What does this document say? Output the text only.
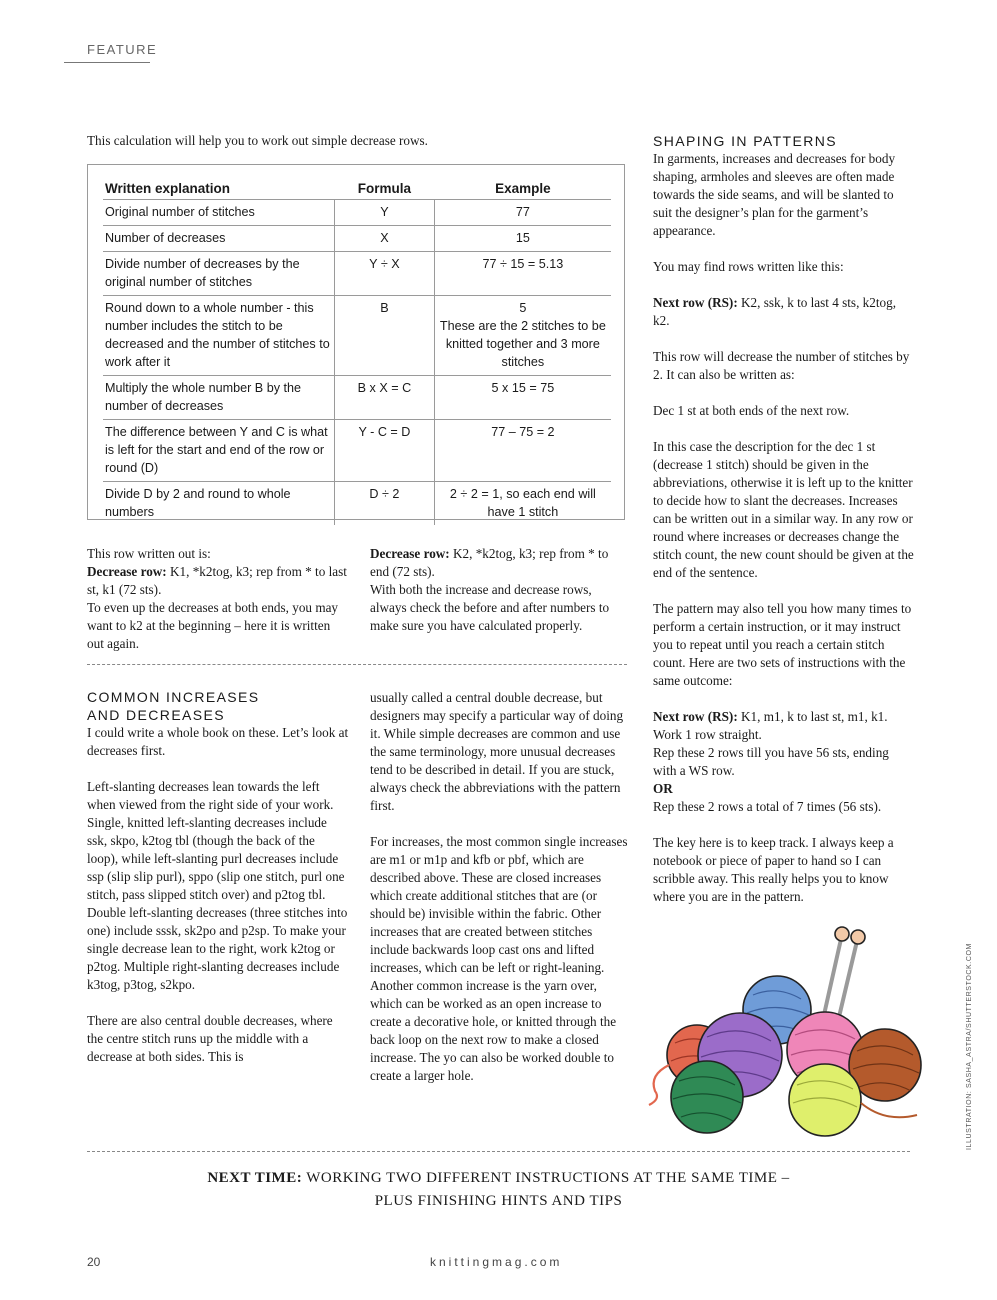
FEATURE
This calculation will help you to work out simple decrease rows.
Written explanation	Formula	Example
Original number of stitches	Y	77
Number of decreases	X	15
Divide number of decreases by the original number of stitches	Y ÷ X	77 ÷ 15 = 5.13
Round down to a whole number - this number includes the stitch to be decreased and the number of stitches to work after it	B	5
These are the 2 stitches to be knitted together and 3 more stitches

Multiply the whole number B by the number of decreases	B x X = C	5 x 15 = 75
The difference between Y and C is what is left for the start and end of the row or round (D)	Y - C = D	77 – 75 = 2
Divide D by 2 and round to whole numbers	D ÷ 2	2 ÷ 2 = 1, so each end will have 1 stitch

This row written out is:

Decrease row: K1, *k2tog, k3; rep from * to last st, k1 (72 sts).

To even up the decreases at both ends, you may want to k2 at the beginning – here it is written out again.

Decrease row: K2, *k2tog, k3; rep from * to end (72 sts).

With both the increase and decrease rows, always check the before and after numbers to make sure you have calculated properly.

COMMON INCREASES
AND DECREASES

I could write a whole book on these. Let’s look at decreases first.

Left-slanting decreases lean towards the left when viewed from the right side of your work. Single, knitted left-slanting decreases include ssk, skpo, k2tog tbl (though the back of the loop), while left-slanting purl decreases include ssp (slip slip purl), sppo (slip one stitch, purl one stitch, pass slipped stitch over) and p2tog tbl. Double left-slanting decreases (three stitches into one) include sssk, sk2po and p2sp. To make your single decrease lean to the right, work k2tog or p2tog. Multiple right-slanting decreases include k3tog, p3tog, s2kpo.

There are also central double decreases, where the centre stitch runs up the middle with a decrease at both sides. This is

usually called a central double decrease, but designers may specify a particular way of doing it. While simple decreases are common and use the same terminology, more unusual decreases tend to be described in detail. If you are stuck, always check the abbreviations with the pattern first.

For increases, the most common single increases are m1 or m1p and kfb or pbf, which are described above. These are closed increases which create additional stitches that are (or should be) invisible within the fabric. Other increases that are created between stitches include backwards loop cast ons and lifted increases, which can be left or right-leaning. Another common increase is the yarn over, which can be worked as an open increase to create a decorative hole, or knitted through the back loop on the next row to make a closed increase. The yo can also be worked double to create a larger hole.

SHAPING IN PATTERNS

In garments, increases and decreases for body shaping, armholes and sleeves are often made towards the side seams, and will be slanted to suit the designer’s plan for the garment’s appearance.

You may find rows written like this:

Next row (RS): K2, ssk, k to last 4 sts, k2tog, k2.

This row will decrease the number of stitches by 2. It can also be written as:

Dec 1 st at both ends of the next row.

In this case the description for the dec 1 st (decrease 1 stitch) should be given in the abbreviations, otherwise it is left up to the knitter to decide how to slant the decreases. Increases can be written out in a similar way. In any row or round where increases or decreases change the stitch count, the new count should be given at the end of the sentence.

The pattern may also tell you how many times to perform a certain instruction, or it may instruct you to repeat until you reach a certain stitch count. Here are two sets of instructions with the same outcome:

Next row (RS): K1, m1, k to last st, m1, k1.

Work 1 row straight.

Rep these 2 rows till you have 56 sts, ending with a WS row.

OR

Rep these 2 rows a total of 7 times (56 sts).

The key here is to keep track. I always keep a notebook or piece of paper to hand so I can scribble away. This really helps you to know where you are in the pattern.

ILLUSTRATION: SASHA_ASTRA/SHUTTERSTOCK.COM
NEXT TIME: WORKING TWO DIFFERENT INSTRUCTIONS AT THE SAME TIME –
PLUS FINISHING HINTS AND TIPS
20	knittingmag.com
